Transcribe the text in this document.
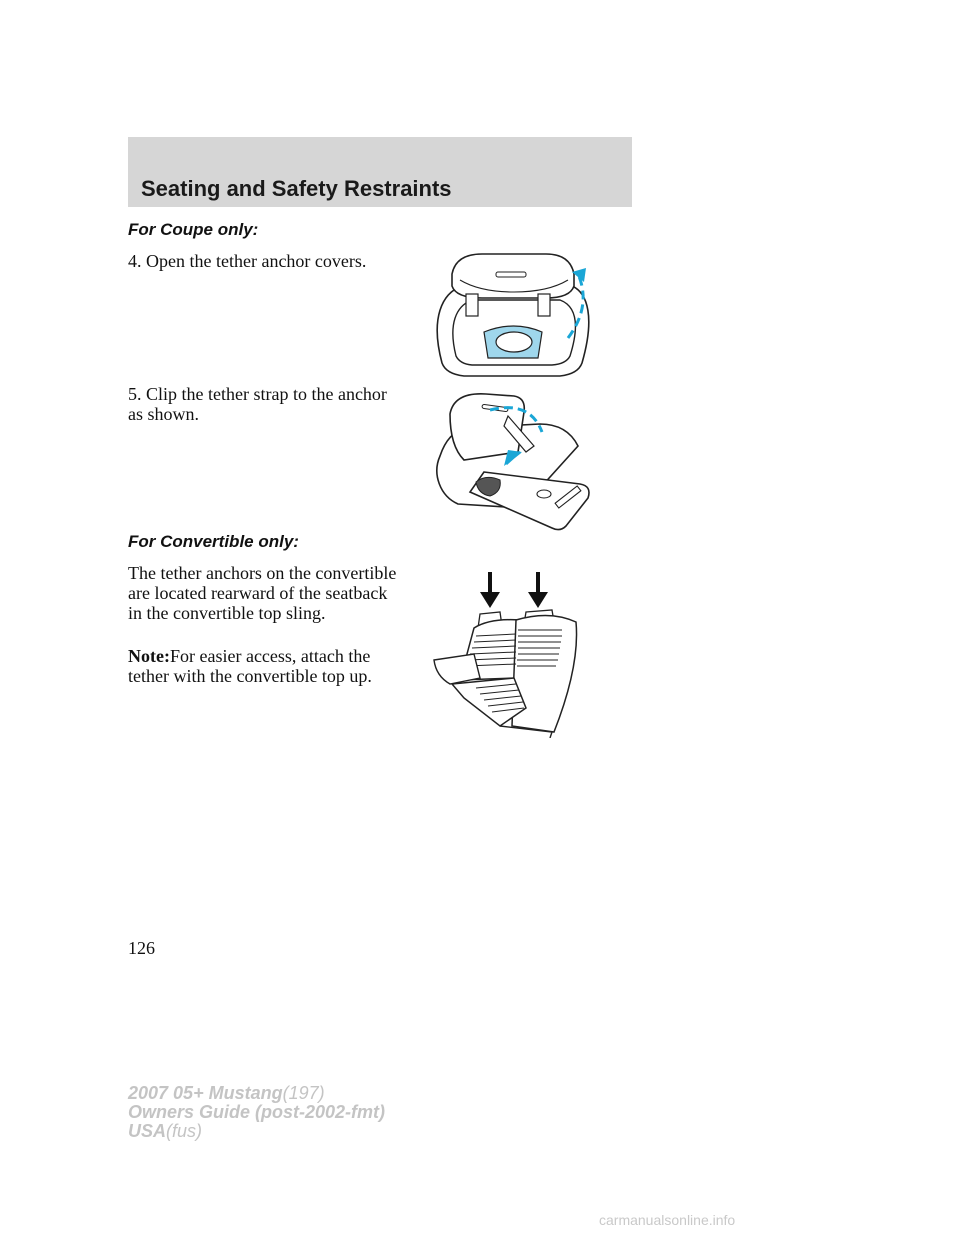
Seating and Safety Restraints
For Coupe only:
4. Open the tether anchor covers.
5. Clip the tether strap to the anchor as shown.
For Convertible only:
The tether anchors on the convertible are located rearward of the seatback in the convertible top sling.
Note:For easier access, attach the tether with the convertible top up.
126
2007 05+ Mustang(197)
Owners Guide (post-2002-fmt)
USA(fus)
carmanualsonline.info
